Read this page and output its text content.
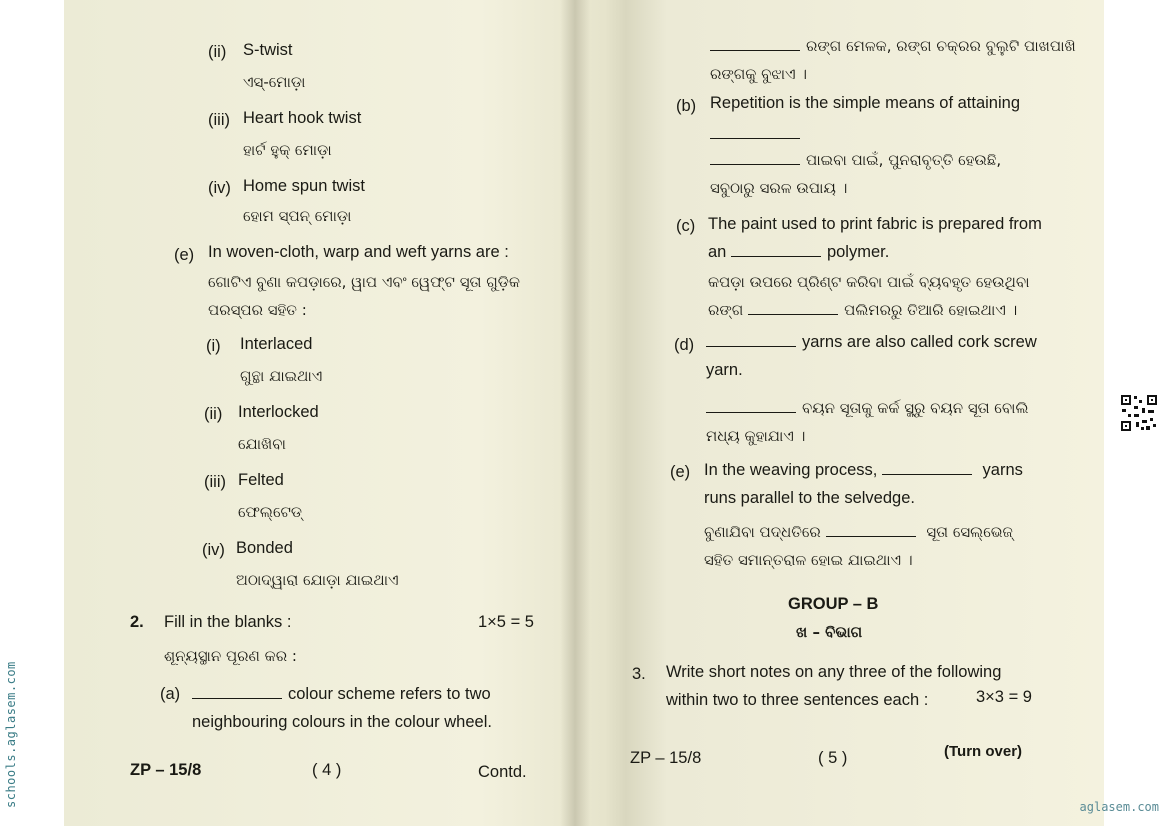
(ii) S-twist
ଏସ୍-ମୋଡ଼ା
(iii) Heart hook twist
ହାର୍ଟ ହୁକ୍ ମୋଡ଼ା
(iv) Home spun twist
ହୋମ ସ୍ପନ୍ ମୋଡ଼ା
(e) In woven-cloth, warp and weft yarns are :
ଗୋଟିଏ ବୁଣା କପଡ଼ାରେ, ୱାପ ଏବଂ ୱେଫ୍ଟ ସୂତା ଗୁଡ଼ିକ
ପରସ୍ପର ସହିତ :
(i) Interlaced
ଗୁନ୍ଥା ଯାଇଥାଏ
(ii) Interlocked
ଯୋଖିବା
(iii) Felted
ଫେଲ୍‌ଟେଡ୍
(iv) Bonded
ଅଠାଦ୍ୱାରା ଯୋଡ଼ା ଯାଇଥାଏ
2. Fill in the blanks :	1×5 = 5
ଶୂନ୍ୟସ୍ଥାନ ପୂରଣ କର :
(a)	colour scheme refers to two
neighbouring colours in the colour wheel.
ZP – 15/8	( 4 )	Contd.
ରଙ୍ଗ ମେଳକ, ରଙ୍ଗ ଚକ୍ରର ବୁଲୁଟି ପାଖପାଖି
ରଙ୍ଗକୁ ବୁଝାଏ ।
(b) Repetition is the simple means of attaining
ପାଇବା ପାଇଁ, ପୁନରାବୃତ୍ତି ହେଉଛି,
ସବୁଠାରୁ ସରଳ ଉପାୟ ।
(c) The paint used to print fabric is prepared from
an	polymer.
କପଡ଼ା ଉପରେ ପ୍ରିଣ୍ଟ କରିବା ପାଇଁ ବ୍ୟବହୃତ ହେଉଥିବା
ରଙ୍ଗ	ପଲିମରରୁ ତିଆରି ହୋଇଥାଏ ।
(d)	yarns are also called cork screw
yarn.
ବୟନ ସୂତାକୁ କର୍କ ସ୍କ୍ରୁ ବୟନ ସୂତା ବୋଲି
ମଧ୍ୟ କୁହାଯାଏ ।
(e) In the weaving process,	yarns
runs parallel to the selvedge.
ବୁଣାଯିବା ପଦ୍ଧତିରେ	ସୂତା ସେଲ୍‌ଭେଜ୍
ସହିତ ସମାନ୍ତରାଳ ହୋଇ ଯାଇଥାଏ ।
GROUP – B
ଖ – ବିଭାଗ
3. Write short notes on any three of the following
within two to three sentences each :	3×3 = 9
ZP – 15/8	( 5 )	(Turn over)
schools.aglasem.com	aglasem.com
